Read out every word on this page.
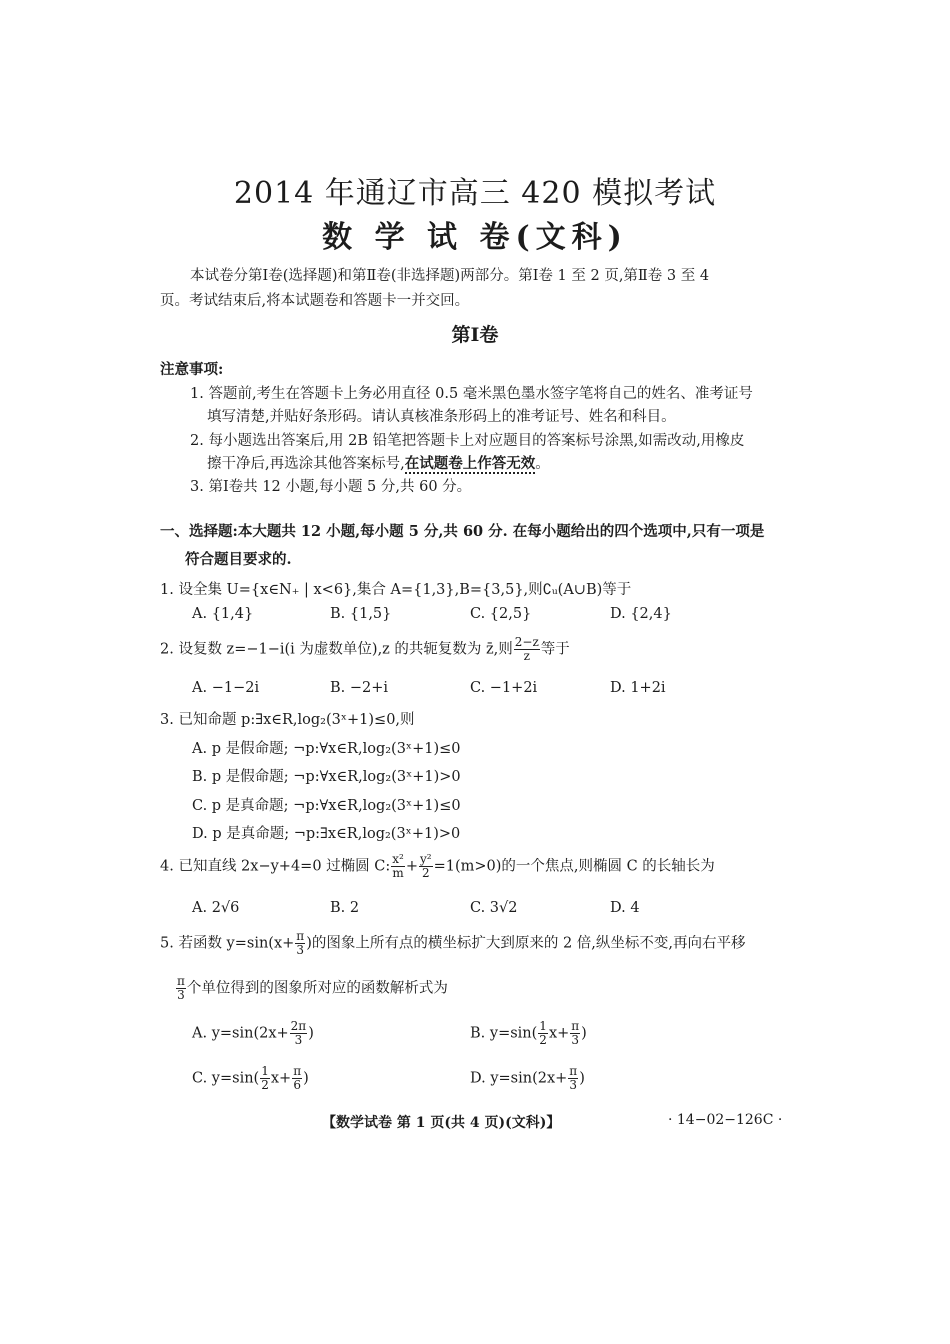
2014 年通辽市高三 420 模拟考试
数 学 试 卷(文科)
本试卷分第Ⅰ卷(选择题)和第Ⅱ卷(非选择题)两部分。第Ⅰ卷 1 至 2 页,第Ⅱ卷 3 至 4
页。考试结束后,将本试题卷和答题卡一并交回。
第Ⅰ卷
注意事项:
1. 答题前,考生在答题卡上务必用直径 0.5 毫米黑色墨水签字笔将自己的姓名、准考证号
填写清楚,并贴好条形码。请认真核准条形码上的准考证号、姓名和科目。
2. 每小题选出答案后,用 2B 铅笔把答题卡上对应题目的答案标号涂黑,如需改动,用橡皮
擦干净后,再选涂其他答案标号,在试题卷上作答无效。
3. 第Ⅰ卷共 12 小题,每小题 5 分,共 60 分。
一、选择题:本大题共 12 小题,每小题 5 分,共 60 分. 在每小题给出的四个选项中,只有一项是
符合题目要求的.
1. 设全集 U={x∈N₊ | x<6},集合 A={1,3},B={3,5},则∁ᵤ(A∪B)等于
A. {1,4}	B. {1,5}	C. {2,5}	D. {2,4}
2. 设复数 z=−1−i(i 为虚数单位),z 的共轭复数为 z̄,则 $\frac{2-z}{z}$ 等于
A. −1−2i	B. −2+i	C. −1+2i	D. 1+2i
3. 已知命题 p:∃x∈R,log₂(3ˣ+1)≤0,则
A. p 是假命题; ¬p:∀x∈R,log₂(3ˣ+1)≤0
B. p 是假命题; ¬p:∀x∈R,log₂(3ˣ+1)>0
C. p 是真命题; ¬p:∀x∈R,log₂(3ˣ+1)≤0
D. p 是真命题; ¬p:∃x∈R,log₂(3ˣ+1)>0
4. 已知直线 2x−y+4=0 过椭圆 C: $\frac{\text{x²}}{m} + \frac{\text{y²}}{2} =1(m>0)$的一个焦点,则椭圆 C 的长轴长为
A. 2√6	B. 2	C. 3√2	D. 4
5. 若函数 $y=\sin(x+ \frac{\pi}{3}$ )的图象上所有点的横坐标扩大到原来的 2 倍,纵坐标不变,再向右平移
$\frac{\pi}{3}$ 个单位得到的图象所对应的函数解析式为
A. $y=\sin(2x+ \frac{2\pi}{3}$ )	B. $y=\sin( \frac{1}{2} x+ \frac{\pi}{3}$ )
C. $y=\sin( \frac{1}{2} x+ \frac{\pi}{6}$ )	D. $y=\sin(2x+ \frac{\pi}{3}$ )
【数学试卷 第 1 页(共 4 页)(文科)】	· 14−02−126C ·
